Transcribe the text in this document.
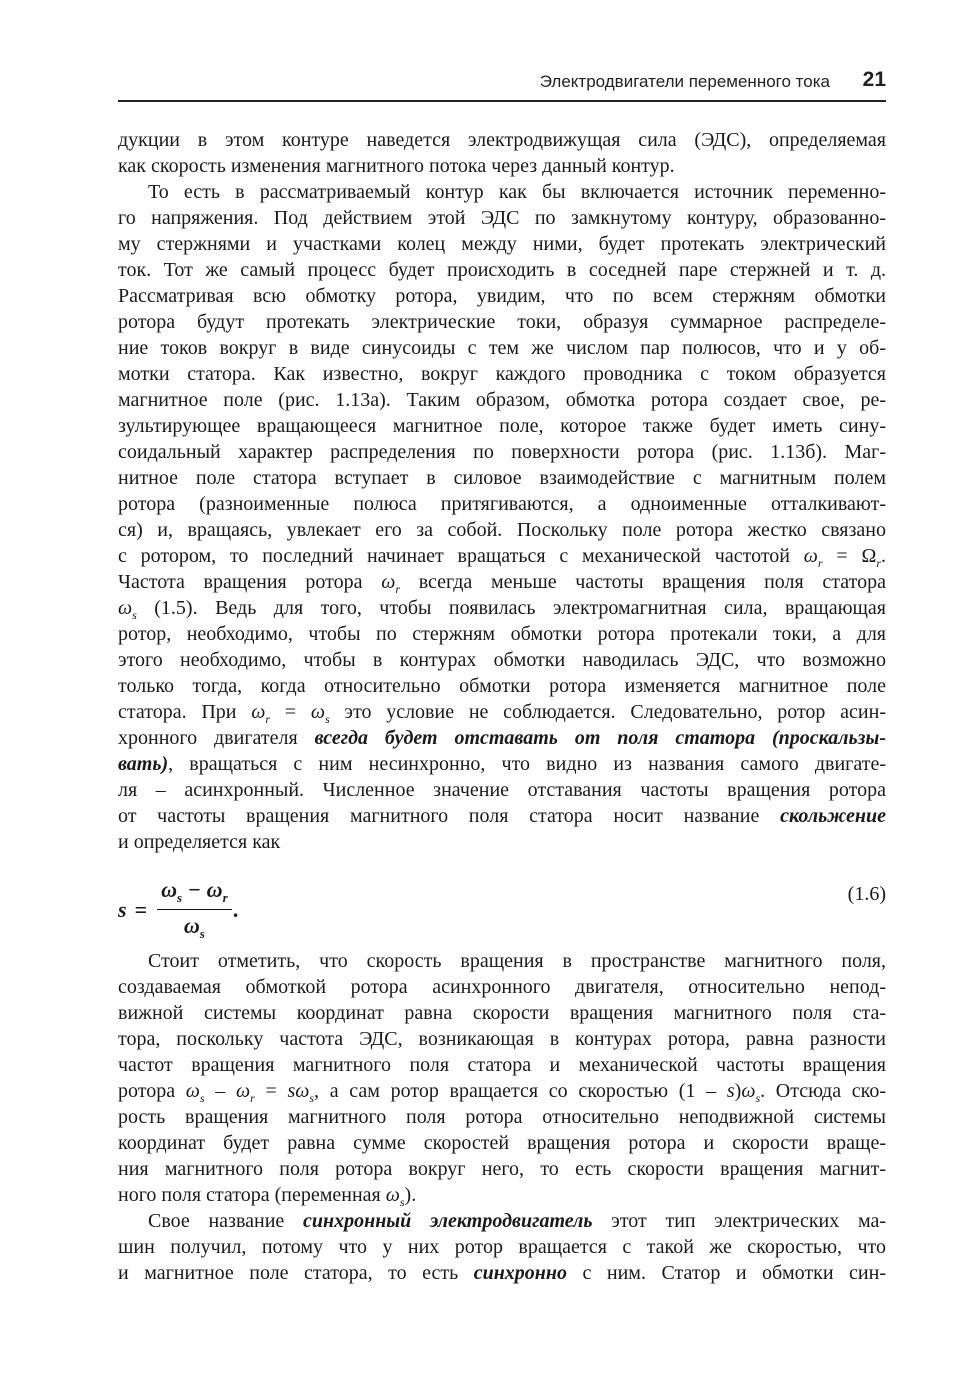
Электродвигатели переменного тока 21
дукции в этом контуре наведется электродвижущая сила (ЭДС), определяемая
как скорость изменения магнитного потока через данный контур.
То есть в рассматриваемый контур как бы включается источник переменно-
го напряжения. Под действием этой ЭДС по замкнутому контуру, образованно-
му стержнями и участками колец между ними, будет протекать электрический
ток. Тот же самый процесс будет происходить в соседней паре стержней и т. д.
Рассматривая всю обмотку ротора, увидим, что по всем стержням обмотки
ротора будут протекать электрические токи, образуя суммарное распределе-
ние токов вокруг в виде синусоиды с тем же числом пар полюсов, что и у об-
мотки статора. Как известно, вокруг каждого проводника с током образуется
магнитное поле (рис. 1.13а). Таким образом, обмотка ротора создает свое, ре-
зультирующее вращающееся магнитное поле, которое также будет иметь сину-
соидальный характер распределения по поверхности ротора (рис. 1.13б). Маг-
нитное поле статора вступает в силовое взаимодействие с магнитным полем
ротора (разноименные полюса притягиваются, а одноименные отталкивают-
ся) и, вращаясь, увлекает его за собой. Поскольку поле ротора жестко связано
с ротором, то последний начинает вращаться с механической частотой $\omega_r = \Omega_r$.
Частота вращения ротора $\omega_r$ всегда меньше частоты вращения поля статора
$\omega_s$ (1.5). Ведь для того, чтобы появилась электромагнитная сила, вращающая
ротор, необходимо, чтобы по стержням обмотки ротора протекали токи, а для
этого необходимо, чтобы в контурах обмотки наводилась ЭДС, что возможно
только тогда, когда относительно обмотки ротора изменяется магнитное поле
статора. При $\omega_r = \omega_s$ это условие не соблюдается. Следовательно, ротор асин-
хронного двигателя всегда будет отставать от поля статора (проскальзы-
вать), вращаться с ним несинхронно, что видно из названия самого двигате-
ля – асинхронный. Численное значение отставания частоты вращения ротора
от частоты вращения магнитного поля статора носит название скольжение
и определяется как
$s = \frac{\omega_s - \omega_r}{\omega_s}$ .
(1.6)
Стоит отметить, что скорость вращения в пространстве магнитного поля,
создаваемая обмоткой ротора асинхронного двигателя, относительно непод-
вижной системы координат равна скорости вращения магнитного поля ста-
тора, поскольку частота ЭДС, возникающая в контурах ротора, равна разности
частот вращения магнитного поля статора и механической частоты вращения
ротора $\omega_s - \omega_r = s\omega_s$, а сам ротор вращается со скоростью $(1 - s)\omega_s$. Отсюда ско-
рость вращения магнитного поля ротора относительно неподвижной системы
координат будет равна сумме скоростей вращения ротора и скорости враще-
ния магнитного поля ротора вокруг него, то есть скорости вращения магнит-
ного поля статора (переменная $\omega_s$).
Свое название синхронный электродвигатель этот тип электрических ма-
шин получил, потому что у них ротор вращается с такой же скоростью, что
и магнитное поле статора, то есть синхронно с ним. Статор и обмотки син-
